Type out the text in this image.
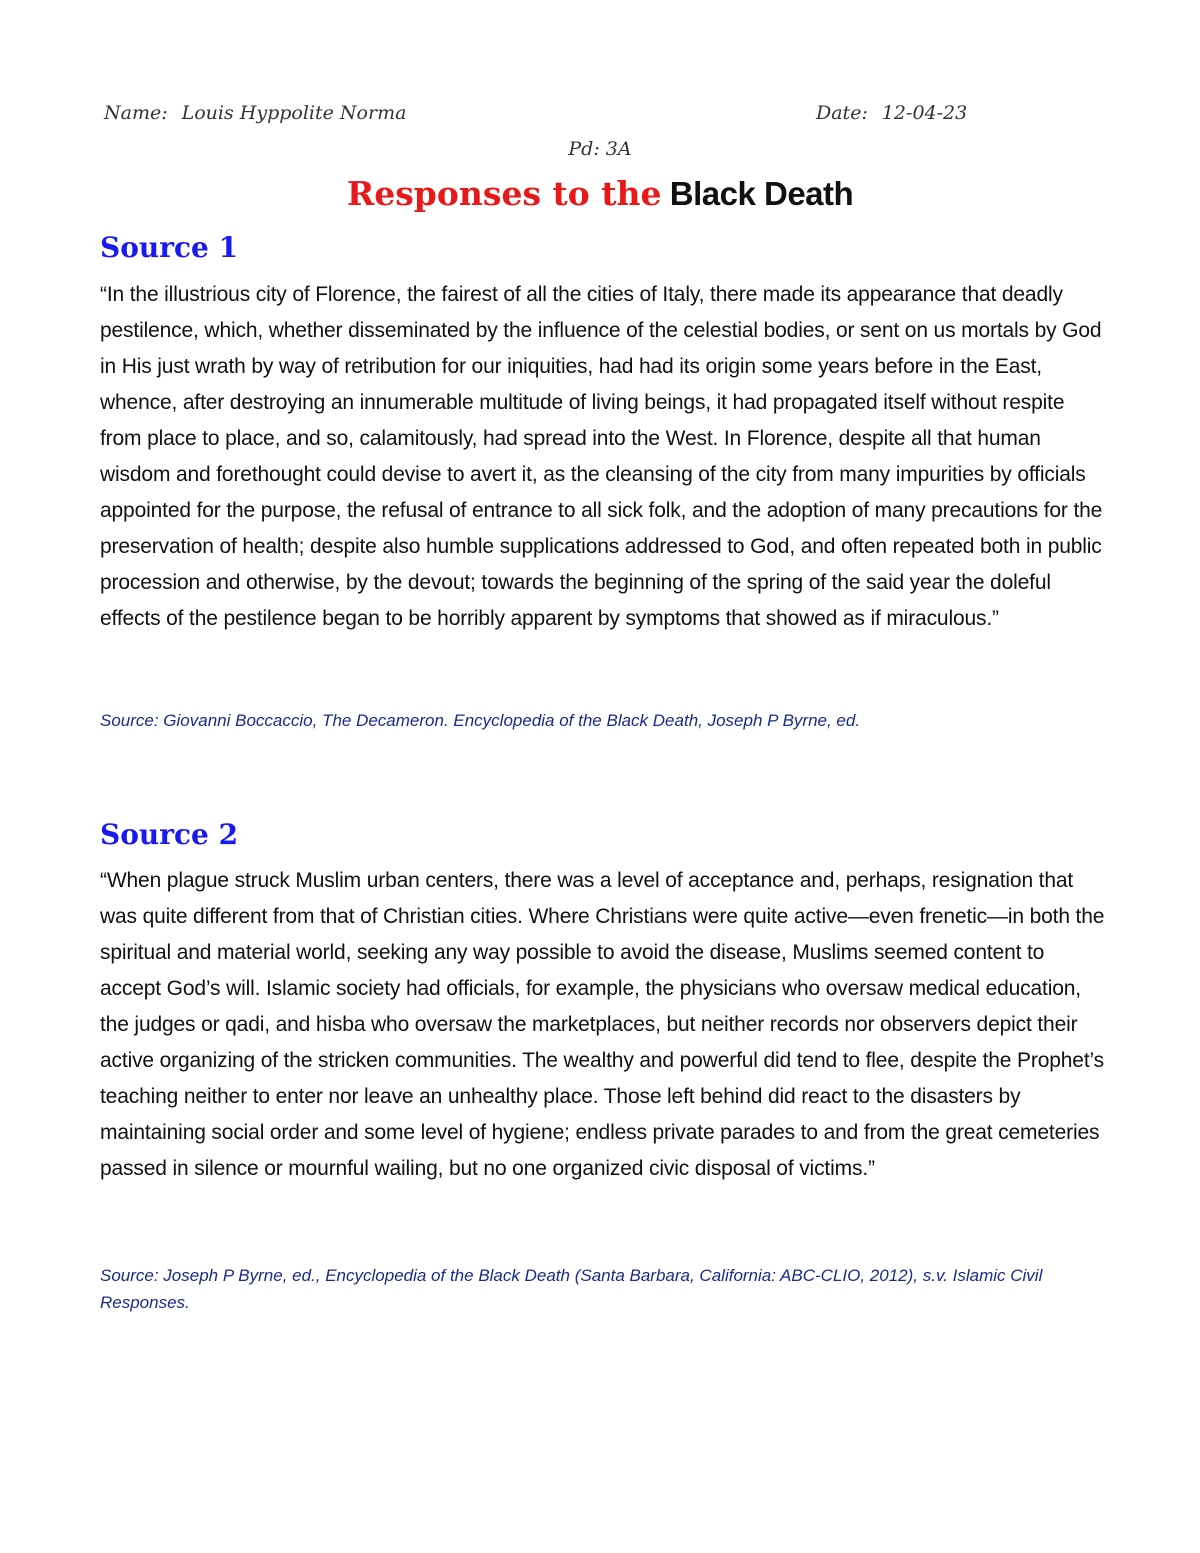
Name: Louis Hyppolite Norma	Date: 12-04-23
Pd: 3A
Responses to the Black Death
Source 1

“In the illustrious city of Florence, the fairest of all the cities of Italy, there made its appearance that deadly pestilence, which, whether disseminated by the influence of the celestial bodies, or sent on us mortals by God in His just wrath by way of retribution for our iniquities, had had its origin some years before in the East, whence, after destroying an innumerable multitude of living beings, it had propagated itself without respite from place to place, and so, calamitously, had spread into the West. In Florence, despite all that human wisdom and forethought could devise to avert it, as the cleansing of the city from many impurities by officials appointed for the purpose, the refusal of entrance to all sick folk, and the adoption of many precautions for the preservation of health; despite also humble supplications addressed to God, and often repeated both in public procession and otherwise, by the devout; towards the beginning of the spring of the said year the doleful effects of the pestilence began to be horribly apparent by symptoms that showed as if miraculous.”

Source: Giovanni Boccaccio, The Decameron. Encyclopedia of the Black Death, Joseph P Byrne, ed.

Source 2

“When plague struck Muslim urban centers, there was a level of acceptance and, perhaps, resignation that was quite different from that of Christian cities. Where Christians were quite active—even frenetic—in both the spiritual and material world, seeking any way possible to avoid the disease, Muslims seemed content to accept God’s will. Islamic society had officials, for example, the physicians who oversaw medical education, the judges or qadi, and hisba who oversaw the marketplaces, but neither records nor observers depict their active organizing of the stricken communities. The wealthy and powerful did tend to flee, despite the Prophet’s teaching neither to enter nor leave an unhealthy place. Those left behind did react to the disasters by maintaining social order and some level of hygiene; endless private parades to and from the great cemeteries passed in silence or mournful wailing, but no one organized civic disposal of victims.”

Source: Joseph P Byrne, ed., Encyclopedia of the Black Death (Santa Barbara, California: ABC-CLIO, 2012), s.v. Islamic Civil Responses.
